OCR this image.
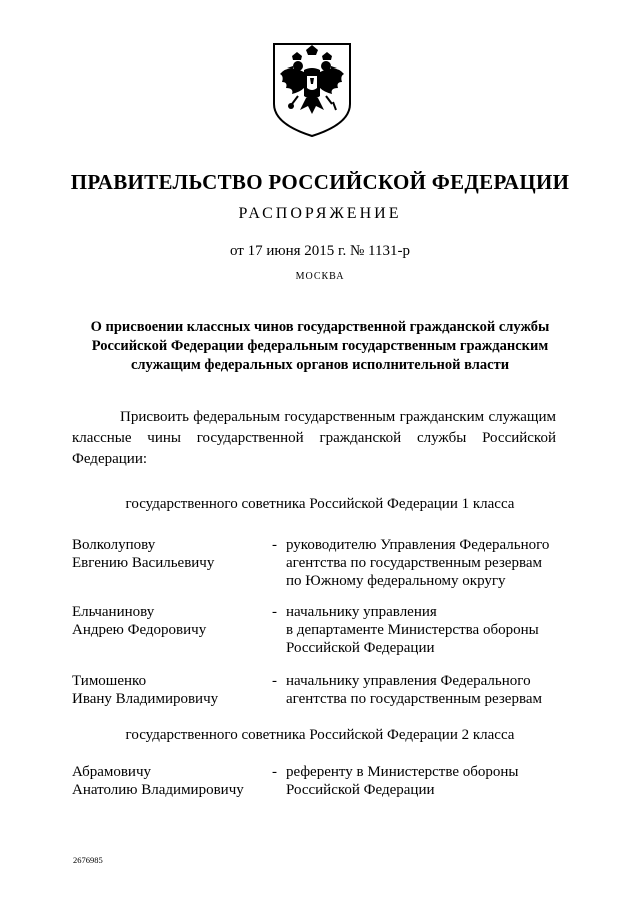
ПРАВИТЕЛЬСТВО РОССИЙСКОЙ ФЕДЕРАЦИИ
РАСПОРЯЖЕНИЕ
от 17 июня 2015 г. № 1131-р
МОСКВА
О присвоении классных чинов государственной гражданской службы
Российской Федерации федеральным государственным гражданским
служащим федеральных органов исполнительной власти
Присвоить федеральным государственным гражданским служащим
классные чины государственной гражданской службы Российской
Федерации:
государственного советника Российской Федерации 1 класса
Волколупову
Евгению Васильевичу
- руководителю Управления Федерального
агентства по государственным резервам
по Южному федеральному округу
Ельчанинову
Андрею Федоровичу
- начальнику управления
в департаменте Министерства обороны
Российской Федерации
Тимошенко
Ивану Владимировичу
- начальнику управления Федерального
агентства по государственным резервам
государственного советника Российской Федерации 2 класса
Абрамовичу
Анатолию Владимировичу
- референту в Министерстве обороны
Российской Федерации
2676985
